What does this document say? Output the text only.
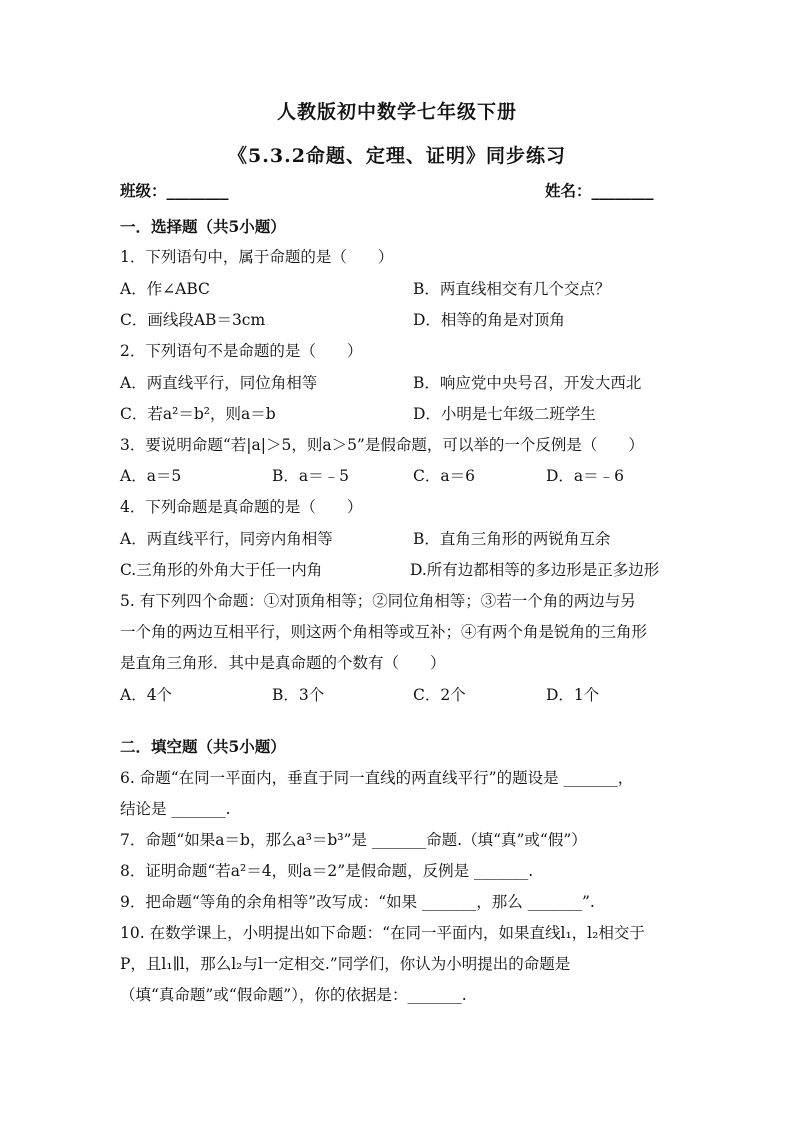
人教版初中数学七年级下册
《5.3.2命题、定理、证明》同步练习
班级：________	姓名：________
一．选择题（共5小题）
1．下列语句中，属于命题的是（　　）
A．作∠ABC	B．两直线相交有几个交点？
C．画线段AB＝3cm	D．相等的角是对顶角
2．下列语句不是命题的是（　　）
A．两直线平行，同位角相等	B．响应党中央号召，开发大西北
C．若a²＝b²，则a＝b	D．小明是七年级二班学生
3．要说明命题“若|a|＞5，则a＞5”是假命题，可以举的一个反例是（　　）
A．a＝5	B．a＝﹣5	C．a＝6	D．a＝﹣6
4．下列命题是真命题的是（　　）
A．两直线平行，同旁内角相等	B．直角三角形的两锐角互余
C.三角形的外角大于任一内角	D.所有边都相等的多边形是正多边形
5. 有下列四个命题：①对顶角相等；②同位角相等；③若一个角的两边与另
一个角的两边互相平行，则这两个角相等或互补；④有两个角是锐角的三角形
是直角三角形．其中是真命题的个数有（　　）
A．4个	B．3个	C．2个	D．1个
二．填空题（共5小题）
6. 命题“在同一平面内，垂直于同一直线的两直线平行”的题设是 _______，
结论是 _______.
7．命题“如果a＝b，那么a³＝b³”是 _______命题.（填“真”或“假”）
8．证明命题“若a²＝4，则a＝2”是假命题，反例是 _______.
9．把命题“等角的余角相等”改写成：“如果 _______，那么 _______”.
10. 在数学课上，小明提出如下命题：“在同一平面内，如果直线l₁，l₂相交于
P，且l₁∥l，那么l₂与l一定相交.”同学们，你认为小明提出的命题是
（填“真命题”或“假命题”），你的依据是：_______.
